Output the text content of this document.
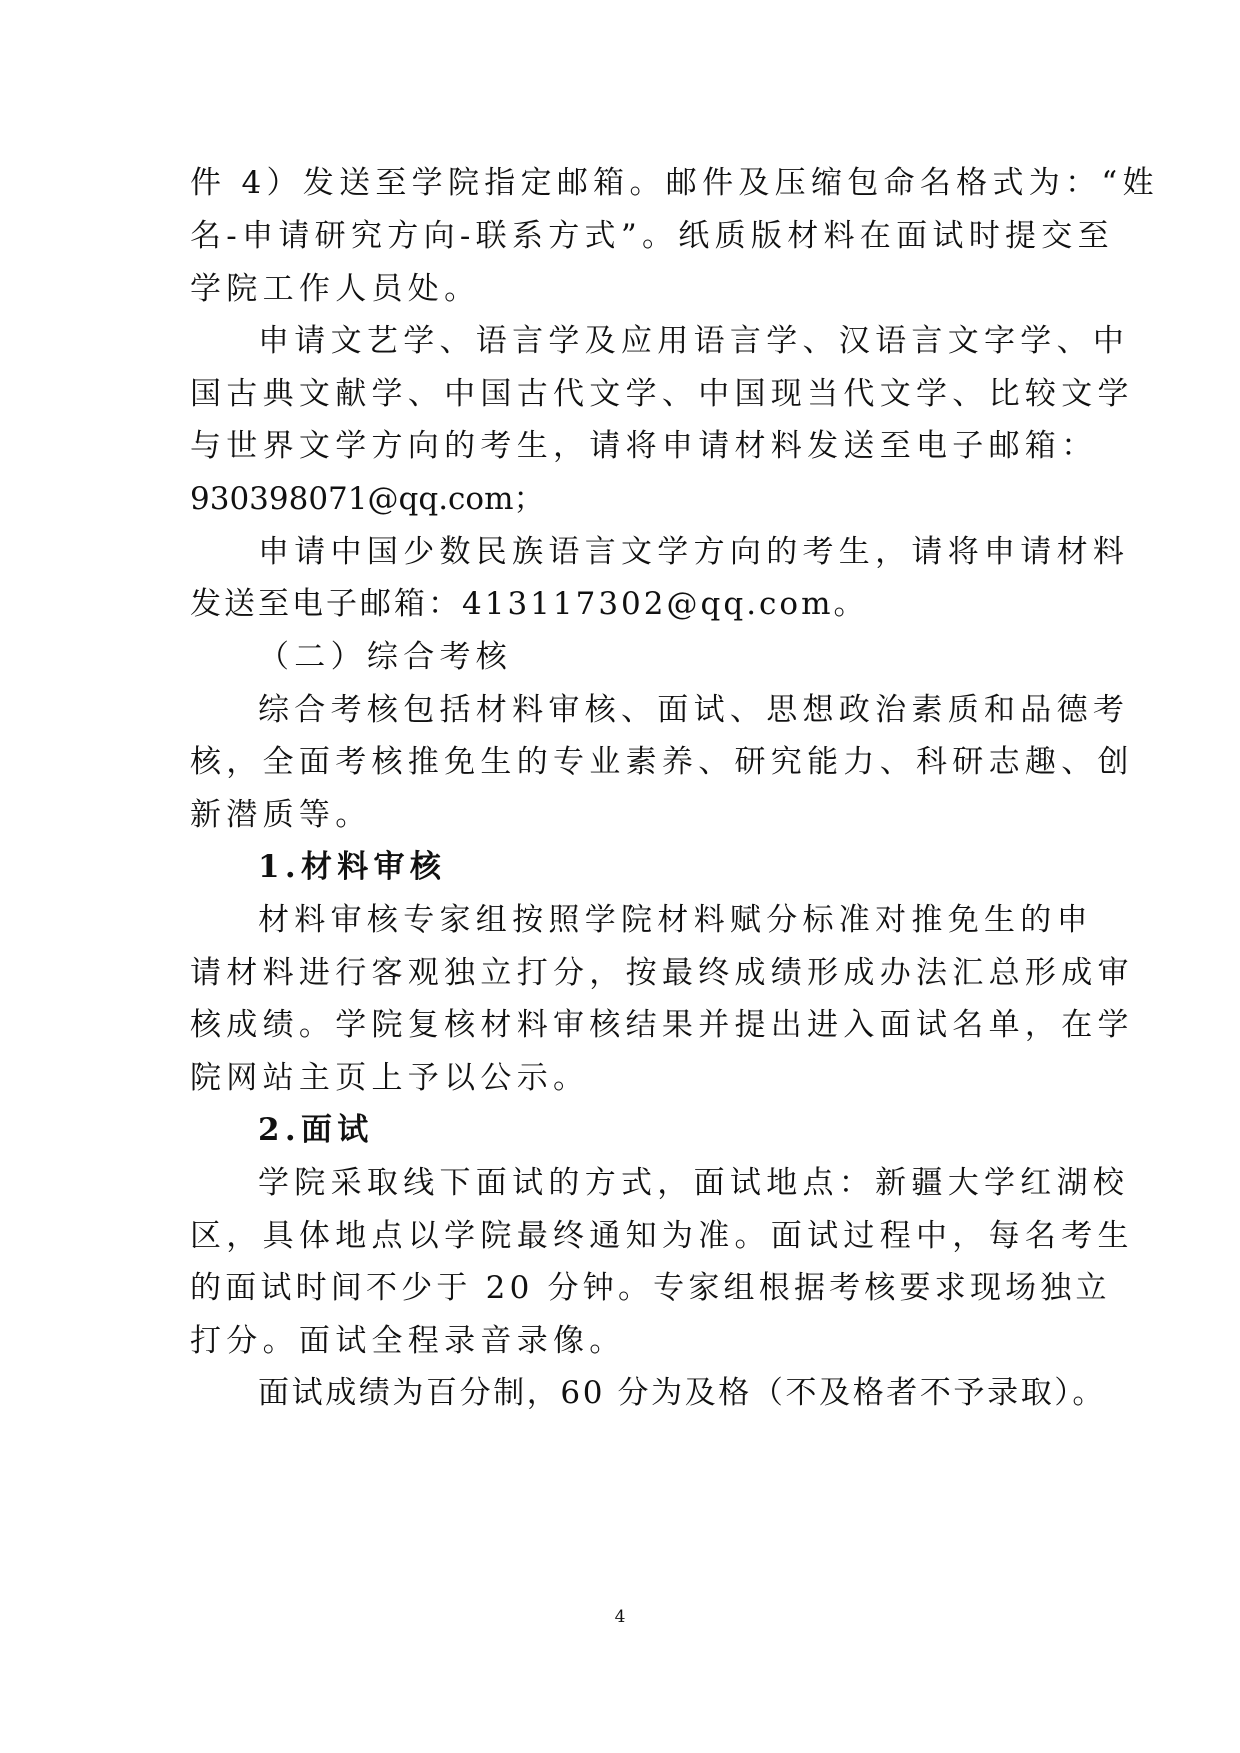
件 4）发送至学院指定邮箱。邮件及压缩包命名格式为：“姓
名-申请研究方向-联系方式”。纸质版材料在面试时提交至
学院工作人员处。
申请文艺学、语言学及应用语言学、汉语言文字学、中
国古典文献学、中国古代文学、中国现当代文学、比较文学
与世界文学方向的考生，请将申请材料发送至电子邮箱：
930398071@qq.com；
申请中国少数民族语言文学方向的考生，请将申请材料
发送至电子邮箱：413117302@qq.com。
（二）综合考核
综合考核包括材料审核、面试、思想政治素质和品德考
核，全面考核推免生的专业素养、研究能力、科研志趣、创
新潜质等。
1.材料审核
材料审核专家组按照学院材料赋分标准对推免生的申
请材料进行客观独立打分，按最终成绩形成办法汇总形成审
核成绩。学院复核材料审核结果并提出进入面试名单，在学
院网站主页上予以公示。
2.面试
学院采取线下面试的方式，面试地点：新疆大学红湖校
区，具体地点以学院最终通知为准。面试过程中，每名考生
的面试时间不少于 20 分钟。专家组根据考核要求现场独立
打分。面试全程录音录像。
面试成绩为百分制，60 分为及格（不及格者不予录取）。
4
